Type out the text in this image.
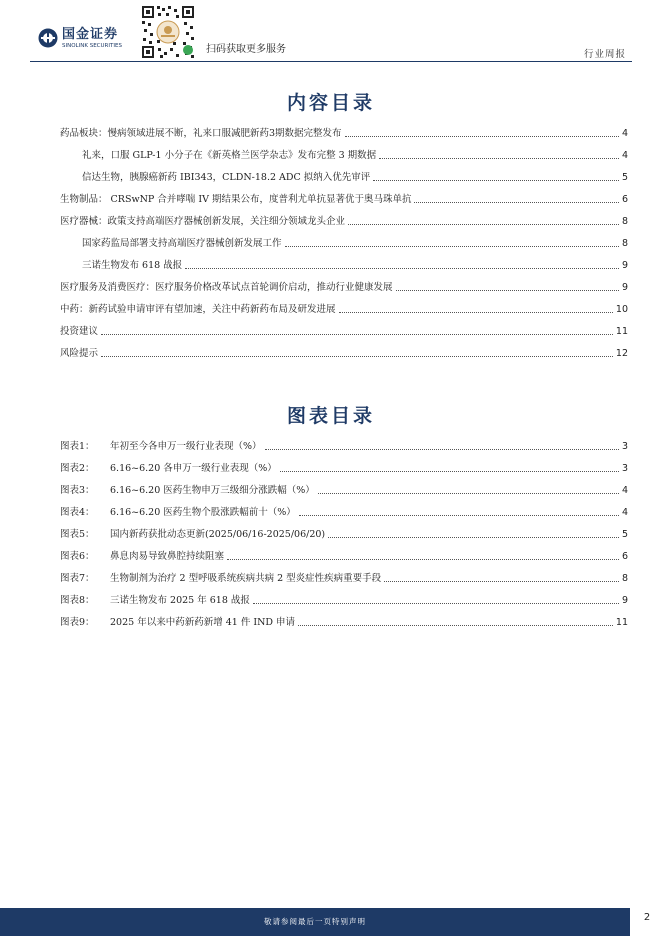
国金证券
SINOLINK SECURITIES	扫码获取更多服务	行业周报
内容目录
药品板块：慢病领域进展不断，礼来口服减肥新药3期数据完整发布	4
礼来，口服 GLP-1 小分子在《新英格兰医学杂志》发布完整 3 期数据	4
信达生物，胰腺癌新药 IBI343，CLDN-18.2 ADC 拟纳入优先审评	5
生物制品： CRSwNP 合并哮喘 IV 期结果公布，度普利尤单抗显著优于奥马珠单抗	6
医疗器械：政策支持高端医疗器械创新发展，关注细分领域龙头企业	8
国家药监局部署支持高端医疗器械创新发展工作	8
三诺生物发布 618 战报	9
医疗服务及消费医疗：医疗服务价格改革试点首轮调价启动，推动行业健康发展	9
中药：新药试验申请审评有望加速，关注中药新药布局及研发进展	10
投资建议	11
风险提示	12
图表目录
图表1：	年初至今各申万一级行业表现（%）	3
图表2：	6.16~6.20 各申万一级行业表现（%）	3
图表3：	6.16~6.20 医药生物申万三级细分涨跌幅（%）	4
图表4：	6.16~6.20 医药生物个股涨跌幅前十（%）	4
图表5：	国内新药获批动态更新(2025/06/16-2025/06/20)	5
图表6：	鼻息肉易导致鼻腔持续阻塞	6
图表7：	生物制剂为治疗 2 型呼吸系统疾病共病 2 型炎症性疾病重要手段	8
图表8：	三诺生物发布 2025 年 618 战报	9
图表9：	2025 年以来中药新药新增 41 件 IND 申请	11
敬请参阅最后一页特别声明	2
